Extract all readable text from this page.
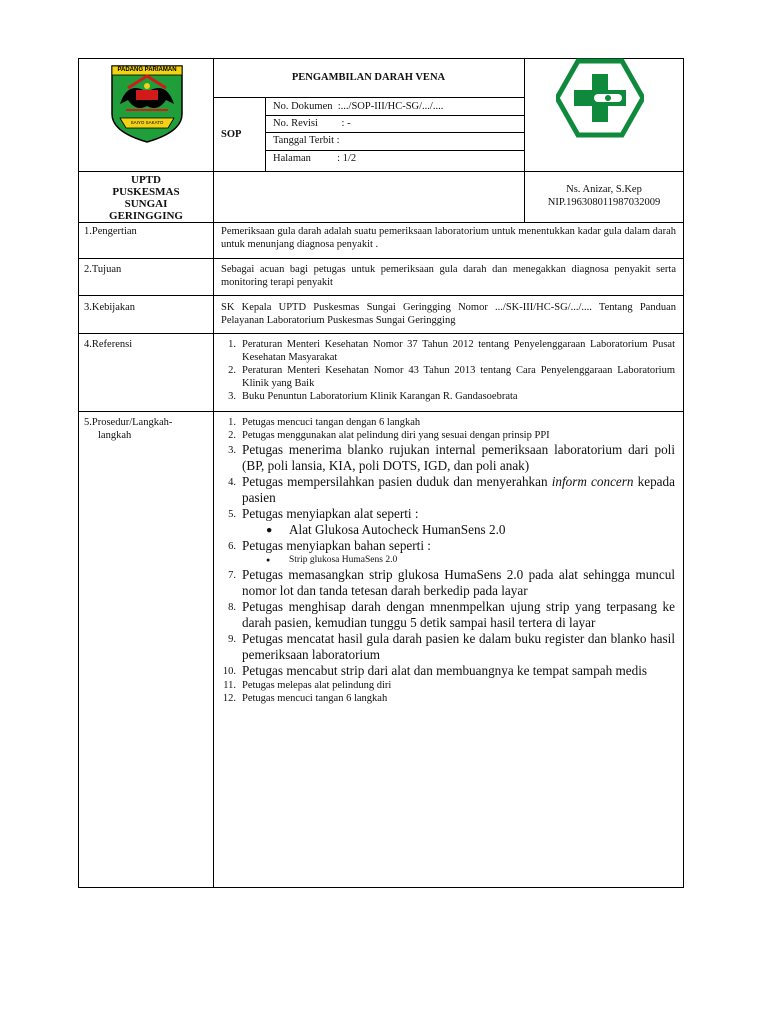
PADANG PARIAMAN
SAIYO SAKATO
PENGAMBILAN DARAH VENA
SOP
No. Dokumen  :.../SOP-III/HC-SG/.../....
No. Revisi         : -
Tanggal Terbit :
Halaman          : 1/2
UPTD
PUSKESMAS
SUNGAI
GERINGGING
Ns. Anizar, S.Kep
NIP.196308011987032009
1.Pengertian	Pemeriksaan gula darah adalah suatu pemeriksaan laboratorium untuk menentukkan kadar gula dalam darah untuk menunjang diagnosa penyakit .
2.Tujuan	Sebagai acuan bagi petugas untuk pemeriksaan gula darah dan menegakkan diagnosa penyakit serta monitoring terapi penyakit
3.Kebijakan	SK Kepala UPTD Puskesmas Sungai Geringging Nomor .../SK-III/HC-SG/.../.... Tentang Panduan Pelayanan Laboratorium Puskesmas Sungai Geringging
4.Referensi	1. Peraturan Menteri Kesehatan Nomor 37 Tahun 2012 tentang Penyelenggaraan Laboratorium Pusat Kesehatan Masyarakat
2. Peraturan Menteri Kesehatan Nomor 43 Tahun 2013 tentang Cara Penyelenggaraan Laboratorium Klinik yang Baik
3. Buku Penuntun Laboratorium Klinik Karangan R. Gandasoebrata
5.Prosedur/Langkah-
langkah
1. Petugas mencuci tangan dengan 6 langkah
2. Petugas menggunakan alat pelindung diri yang sesuai dengan prinsip PPI
3. Petugas menerima blanko rujukan internal pemeriksaan laboratorium dari poli (BP, poli lansia, KIA, poli DOTS, IGD, dan poli anak)
4. Petugas mempersilahkan pasien duduk dan menyerahkan inform concern kepada pasien
5. Petugas menyiapkan alat seperti :
● Alat Glukosa Autocheck HumanSens 2.0
6. Petugas menyiapkan bahan seperti :
● Strip glukosa HumaSens 2.0
7. Petugas memasangkan strip glukosa HumaSens 2.0 pada alat sehingga muncul nomor lot dan tanda tetesan darah berkedip pada layar
8. Petugas menghisap darah dengan mnenmpelkan ujung strip yang terpasang ke darah pasien, kemudian tunggu 5 detik sampai hasil tertera di layar
9. Petugas mencatat hasil gula darah pasien ke dalam buku register dan blanko hasil pemeriksaan laboratorium
10. Petugas mencabut strip dari alat dan membuangnya ke tempat sampah medis
11. Petugas melepas alat pelindung diri
12. Petugas mencuci tangan 6 langkah
